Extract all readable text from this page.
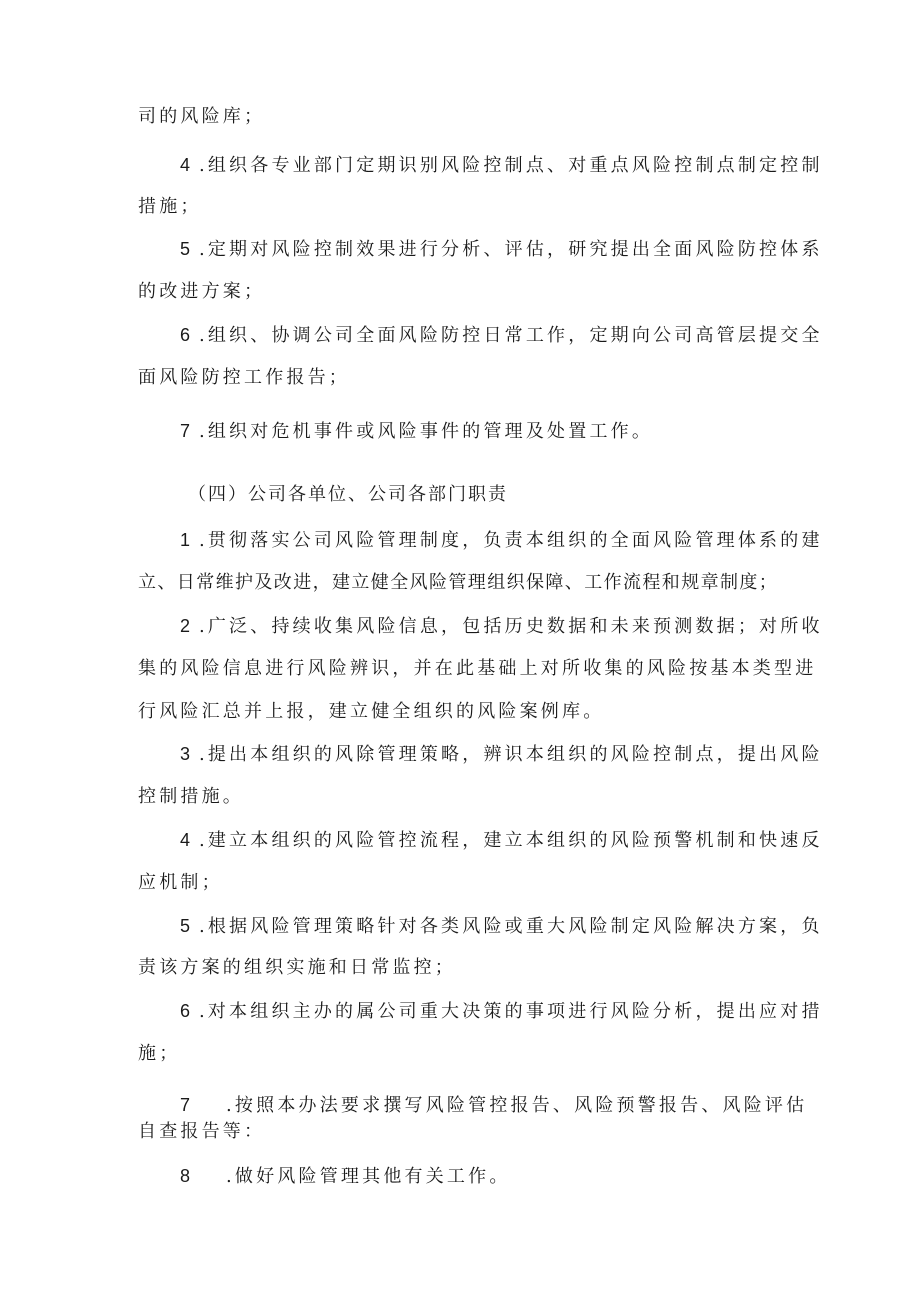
司的风险库；
4 .组织各专业部门定期识别风险控制点、对重点风险控制点制定控制
措施；
5 .定期对风险控制效果进行分析、评估，研究提出全面风险防控体系
的改进方案；
6 .组织、协调公司全面风险防控日常工作，定期向公司高管层提交全
面风险防控工作报告；
7 .组织对危机事件或风险事件的管理及处置工作。
（四）公司各单位、公司各部门职责
1 .贯彻落实公司风险管理制度，负责本组织的全面风险管理体系的建
立、日常维护及改进，建立健全风险管理组织保障、工作流程和规章制度；
2 .广泛、持续收集风险信息，包括历史数据和未来预测数据；对所收
集的风险信息进行风险辨识，并在此基础上对所收集的风险按基本类型进
行风险汇总并上报，建立健全组织的风险案例库。
3 .提出本组织的风除管理策略，辨识本组织的风险控制点，提出风险
控制措施。
4 .建立本组织的风险管控流程，建立本组织的风险预警机制和快速反
应机制；
5 .根据风险管理策略针对各类风险或重大风险制定风险解决方案，负
责该方案的组织实施和日常监控；
6 .对本组织主办的属公司重大决策的事项进行风险分析，提出应对措
施；
7 .按照本办法要求撰写风险管控报告、风险预警报告、风险评估
自查报告等：
8 .做好风险管理其他有关工作。
